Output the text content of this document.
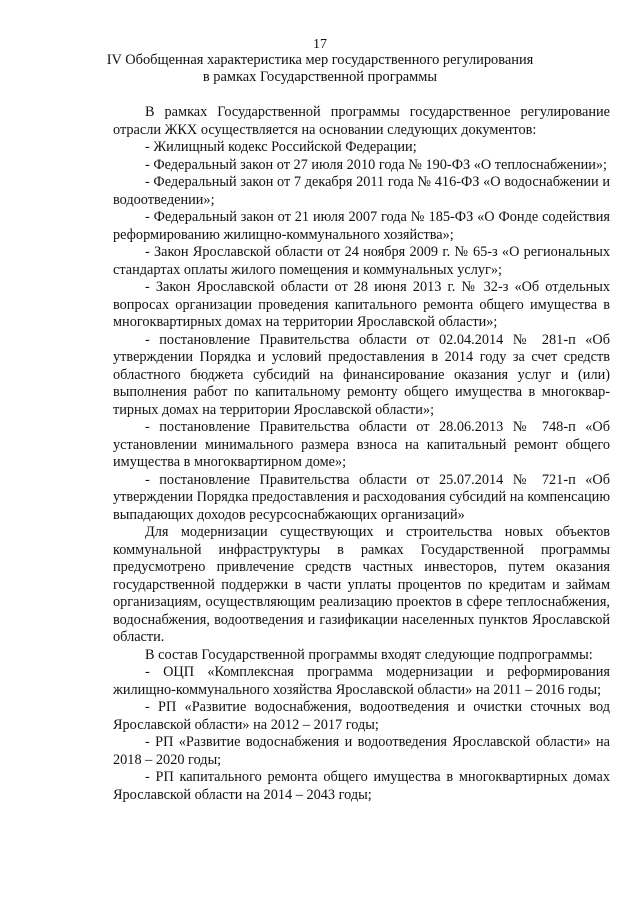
17
IV Обобщенная характеристика мер государственного регулирования
в рамках Государственной программы

В рамках Государственной программы государственное регулирование отрасли ЖКХ осуществляется на основании следующих документов:

- Жилищный кодекс Российской Федерации;

- Федеральный закон от 27 июля 2010 года № 190-ФЗ «О теплоснабжении»;

- Федеральный закон от 7 декабря 2011 года № 416-ФЗ «О водоснабжении и водоотведении»;

- Федеральный закон от 21 июля 2007 года № 185-ФЗ «О Фонде содействия реформированию жилищно-коммунального хозяйства»;

- Закон Ярославской области от 24 ноября 2009 г. № 65-з «О региональных стандартах оплаты жилого помещения и коммунальных услуг»;

- Закон Ярославской области от 28 июня 2013 г. № 32-з «Об отдельных вопросах организации проведения капитального ремонта общего имущества в многоквартирных домах на территории Ярославской области»;

- постановление Правительства области от 02.04.2014 № 281-п «Об утверждении Порядка и условий предоставления в 2014 году за счет средств областного бюджета субсидий на финансирование оказания услуг и (или) выполнения работ по капитальному ремонту общего имущества в многоквартирных домах на территории Ярославской области»;

- постановление Правительства области от 28.06.2013 № 748-п «Об установлении минимального размера взноса на капитальный ремонт общего имущества в многоквартирном доме»;

- постановление Правительства области от 25.07.2014 № 721-п «Об утверждении Порядка предоставления и расходования субсидий на компенсацию выпадающих доходов ресурсоснабжающих организаций»

Для модернизации существующих и строительства новых объектов коммунальной инфраструктуры в рамках Государственной программы предусмотрено привлечение средств частных инвесторов, путем оказания государственной поддержки в части уплаты процентов по кредитам и займам организациям, осуществляющим реализацию проектов в сфере теплоснабжения, водоснабжения, водоотведения и газификации населенных пунктов Ярославской области.

В состав Государственной программы входят следующие подпрограммы:

- ОЦП «Комплексная программа модернизации и реформирования жилищно-коммунального хозяйства Ярославской области» на 2011 – 2016 годы;

- РП «Развитие водоснабжения, водоотведения и очистки сточных вод Ярославской области» на 2012 – 2017 годы;

- РП «Развитие водоснабжения и водоотведения Ярославской области» на 2018 – 2020 годы;

- РП капитального ремонта общего имущества в многоквартирных домах Ярославской области на 2014 – 2043 годы;
